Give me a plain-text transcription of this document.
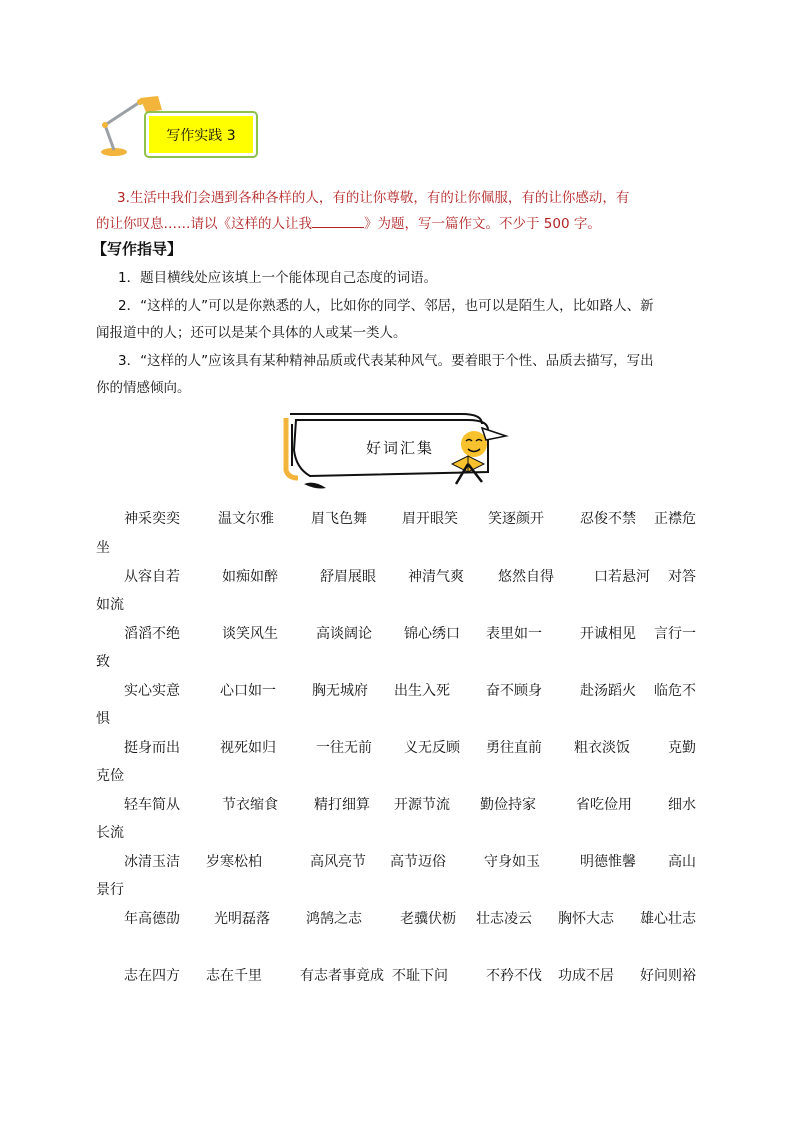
写作实践 3
3.生活中我们会遇到各种各样的人，有的让你尊敬，有的让你佩服，有的让你感动，有
的让你叹息……请以《这样的人让我	》为题，写一篇作文。不少于 500 字。
【写作指导】
1．题目横线处应该填上一个能体现自己态度的词语。
2．“这样的人”可以是你熟悉的人，比如你的同学、邻居，也可以是陌生人，比如路人、新
闻报道中的人；还可以是某个具体的人或某一类人。
3．“这样的人”应该具有某种精神品质或代表某种风气。要着眼于个性、品质去描写，写出
你的情感倾向。
好词汇集
神采奕奕	温文尔雅	眉飞色舞	眉开眼笑 笑逐颜开	忍俊不禁 正襟危
坐
从容自若	如痴如醉	舒眉展眼 神清气爽 悠然自得	口若悬河 对答
如流
滔滔不绝	谈笑风生	高谈阔论 锦心绣口 表里如一	开诚相见 言行一
致
实心实意	心口如一	胸无城府 出生入死	奋不顾身	赴汤蹈火 临危不
惧
挺身而出	视死如归	一往无前 义无反顾 勇往直前 粗衣淡饭	克勤
克俭
轻车简从	节衣缩食	精打细算 开源节流 勤俭持家	省吃俭用	细水
长流
冰清玉洁 岁寒松柏	高风亮节 高节迈俗	守身如玉	明德惟馨 高山
景行
年高德劭 光明磊落	鸿鹄之志	老骥伏枥 壮志凌云 胸怀大志 雄心壮志
志在四方 志在千里	有志者事竟成 不耻下问	不矜不伐 功成不居 好问则裕
